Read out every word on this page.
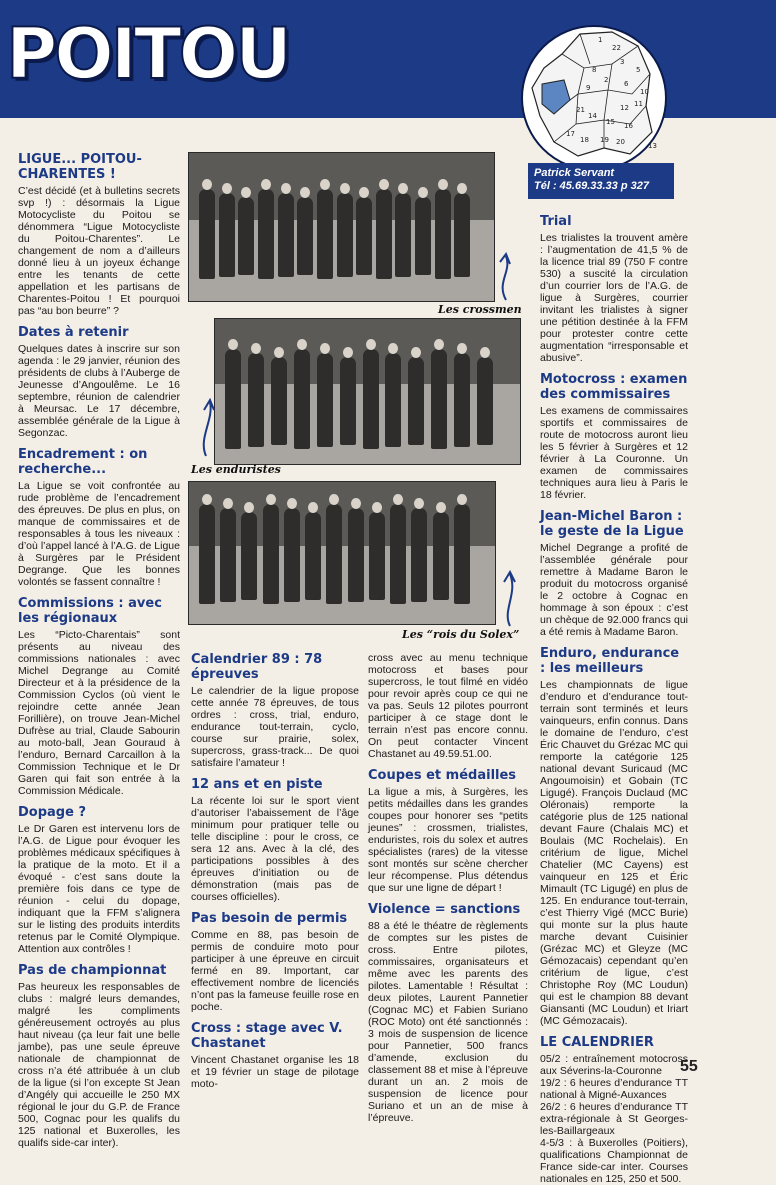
POITOU	1
22
3
8	5
2
9	6
10
11
12
21
14
15 16
17
18 19 20	13
Patrick Servant
Tél : 45.69.33.33 p 327
Les crossmen
Les enduristes
Les “rois du Solex”
LIGUE... POITOU-CHARENTES !

C’est décidé (et à bulletins secrets svp !) : désormais la Ligue Motocycliste du Poitou se dénommera “Ligue Motocycliste du Poitou-Charentes”. Le changement de nom a d’ailleurs donné lieu à un joyeux échange entre les tenants de cette appellation et les partisans de Charentes-Poitou ! Et pourquoi pas “au bon beurre” ?

Dates à retenir

Quelques dates à inscrire sur son agenda : le 29 janvier, réunion des présidents de clubs à l’Auberge de Jeunesse d’Angoulême. Le 16 septembre, réunion de calendrier à Meursac. Le 17 décembre, assemblée générale de la Ligue à Segonzac.

Encadrement : on recherche...

La Ligue se voit confrontée au rude problème de l’encadrement des épreuves. De plus en plus, on manque de commissaires et de responsables à tous les niveaux : d’où l’appel lancé à l’A.G. de Ligue à Surgères par le Président Degrange. Que les bonnes volontés se fassent connaître !

Commissions : avec les régionaux

Les “Picto-Charentais” sont présents au niveau des commissions nationales : avec Michel Degrange au Comité Directeur et à la présidence de la Commission Cyclos (où vient le rejoindre cette année Jean Forillière), on trouve Jean-Michel Dufrèse au trial, Claude Sabourin au moto-ball, Jean Gouraud à l’enduro, Bernard Carcaillon à la Commission Technique et le Dr Garen qui fait son entrée à la Commission Médicale.

Dopage ?

Le Dr Garen est intervenu lors de l’A.G. de Ligue pour évoquer les problèmes médicaux spécifiques à la pratique de la moto. Et il a évoqué - c’est sans doute la première fois dans ce type de réunion - celui du dopage, indiquant que la FFM s’alignera sur le listing des produits interdits retenus par le Comité Olympique. Attention aux contrôles !

Pas de championnat

Pas heureux les responsables de clubs : malgré leurs demandes, malgré les compliments généreusement octroyés au plus haut niveau (ça leur fait une belle jambe), pas une seule épreuve nationale de championnat de cross n’a été attribuée à un club de la ligue (si l’on excepte St Jean d’Angély qui accueille le 250 MX régional le jour du G.P. de France 500, Cognac pour les qualifs du 125 national et Buxerolles, les qualifs side-car inter).

Calendrier 89 : 78 épreuves

Le calendrier de la ligue propose cette année 78 épreuves, de tous ordres : cross, trial, enduro, endurance tout-terrain, cyclo, course sur prairie, solex, supercross, grass-track... De quoi satisfaire l’amateur !

12 ans et en piste

La récente loi sur le sport vient d’autoriser l’abaissement de l’âge minimum pour pratiquer telle ou telle discipline : pour le cross, ce sera 12 ans. Avec à la clé, des participations possibles à des épreuves d’initiation ou de démonstration (mais pas de courses officielles).

Pas besoin de permis

Comme en 88, pas besoin de permis de conduire moto pour participer à une épreuve en circuit fermé en 89. Important, car effectivement nombre de licenciés n’ont pas la fameuse feuille rose en poche.

Cross : stage avec V. Chastanet

Vincent Chastanet organise les 18 et 19 février un stage de pilotage moto-

cross avec au menu technique motocross et bases pour supercross, le tout filmé en vidéo pour revoir après coup ce qui ne va pas. Seuls 12 pilotes pourront participer à ce stage dont le terrain n’est pas encore connu. On peut contacter Vincent Chastanet au 49.59.51.00.

Coupes et médailles

La ligue a mis, à Surgères, les petits médailles dans les grandes coupes pour honorer ses “petits jeunes” : crossmen, trialistes, enduristes, rois du solex et autres spécialistes (rares) de la vitesse sont montés sur scène chercher leur récompense. Plus détendus que sur une ligne de départ !

Violence = sanctions

88 a été le théatre de règlements de comptes sur les pistes de cross. Entre pilotes, commissaires, organisateurs et même avec les parents des pilotes. Lamentable ! Résultat : deux pilotes, Laurent Pannetier (Cognac MC) et Fabien Suriano (ROC Moto) ont été sanctionnés : 3 mois de suspension de licence pour Pannetier, 500 francs d’amende, exclusion du classement 88 et mise à l’épreuve durant un an. 2 mois de suspension de licence pour Suriano et un an de mise à l’épreuve.

Trial

Les trialistes la trouvent amère : l’augmentation de 41,5 % de la licence trial 89 (750 F contre 530) a suscité la circulation d’un courrier lors de l’A.G. de ligue à Surgères, courrier invitant les trialistes à signer une pétition destinée à la FFM pour protester contre cette augmentation “irresponsable et abusive”.

Motocross : examen des commissaires

Les examens de commissaires sportifs et commissaires de route de motocross auront lieu les 5 février à Surgères et 12 février à La Couronne. Un examen de commissaires techniques aura lieu à Paris le 18 février.

Jean-Michel Baron : le geste de la Ligue

Michel Degrange a profité de l’assemblée générale pour remettre à Madame Baron le produit du motocross organisé le 2 octobre à Cognac en hommage à son époux : c’est un chèque de 92.000 francs qui a été remis à Madame Baron.

Enduro, endurance : les meilleurs

Les championnats de ligue d’enduro et d’endurance tout-terrain sont terminés et leurs vainqueurs, enfin connus. Dans le domaine de l’enduro, c’est Éric Chauvet du Grézac MC qui remporte la catégorie 125 national devant Suricaud (MC Angoumoisin) et Gobain (TC Ligugé). François Duclaud (MC Oléronais) remporte la catégorie plus de 125 national devant Faure (Chalais MC) et Boulais (MC Rochelais). En critérium de ligue, Michel Chatelier (MC Cayens) est vainqueur en 125 et Éric Mimault (TC Ligugé) en plus de 125. En endurance tout-terrain, c’est Thierry Vigé (MCC Burie) qui monte sur la plus haute marche devant Cuisinier (Grézac MC) et Gleyze (MC Gémozacais) cependant qu’en critérium de ligue, c’est Christophe Roy (MC Loudun) qui est le champion 88 devant Giansanti (MC Loudun) et Iriart (MC Gémozacais).

LE CALENDRIER

05/2 : entraînement motocross aux Séverins-la-Couronne

19/2 : 6 heures d’endurance TT national à Migné-Auxances

26/2 : 6 heures d’endurance TT extra-régionale à St Georges-les-Baillargeaux

4-5/3 : à Buxerolles (Poitiers), qualifications Championnat de France side-car inter. Courses nationales en 125, 250 et 500.

55
